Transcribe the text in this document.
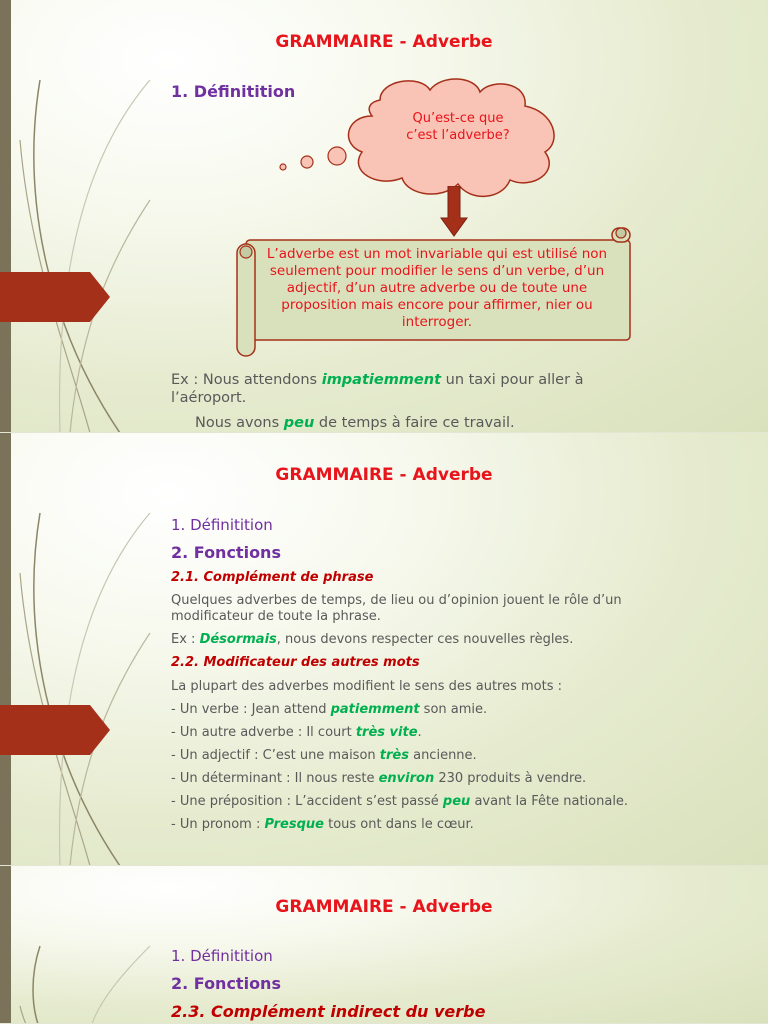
GRAMMAIRE - Adverbe
1. Définitition
Qu’est-ce que
c’est l’adverbe?
L’adverbe est un mot invariable qui est utilisé non seulement pour modifier le sens d’un verbe, d’un adjectif, d’un autre adverbe ou de toute une proposition mais encore pour affirmer, nier ou interroger.
Ex : Nous attendons impatiemment un taxi pour aller à l’aéroport.
Nous avons peu de temps à faire ce travail.
GRAMMAIRE - Adverbe
1. Définitition
2. Fonctions
2.1. Complément de phrase
Quelques adverbes de temps, de lieu ou d’opinion jouent le rôle d’un
modificateur de toute la phrase.
Ex : Désormais, nous devons respecter ces nouvelles règles.
2.2. Modificateur des autres mots
La plupart des adverbes modifient le sens des autres mots :
- Un verbe : Jean attend patiemment son amie.
- Un autre adverbe : Il court très vite.
- Un adjectif : C’est une maison très ancienne.
- Un déterminant : Il nous reste environ 230 produits à vendre.
- Une préposition : L’accident s’est passé peu avant la Fête nationale.
- Un pronom : Presque tous ont dans le cœur.
GRAMMAIRE - Adverbe
1. Définitition
2. Fonctions
2.3. Complément indirect du verbe
